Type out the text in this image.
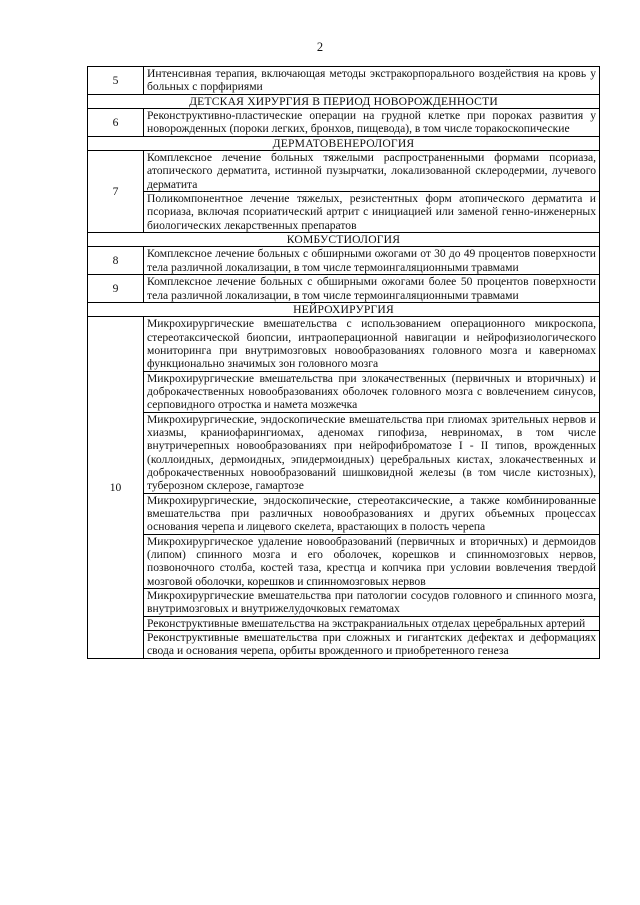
2
5	Интенсивная терапия, включающая методы экстракорпорального воздействия на кровь у больных с порфириями
ДЕТСКАЯ ХИРУРГИЯ В ПЕРИОД НОВОРОЖДЕННОСТИ	
6	Реконструктивно-пластические операции на грудной клетке при пороках развития у новорожденных (пороки легких, бронхов, пищевода), в том числе торакоскопические
ДЕРМАТОВЕНЕРОЛОГИЯ	
7	Комплексное лечение больных тяжелыми распространенными формами псориаза, атопического дерматита, истинной пузырчатки, локализованной склеродермии, лучевого дерматита
	Поликомпонентное лечение тяжелых, резистентных форм атопического дерматита и псориаза, включая псориатический артрит с инициацией или заменой генно-инженерных биологических лекарственных препаратов
КОМБУСТИОЛОГИЯ	
8	Комплексное лечение больных с обширными ожогами от 30 до 49 процентов поверхности тела различной локализации, в том числе термоингаляционными травмами
9	Комплексное лечение больных с обширными ожогами более 50 процентов поверхности тела различной локализации, в том числе термоингаляционными травмами
НЕЙРОХИРУРГИЯ	
10	Микрохирургические вмешательства с использованием операционного микроскопа, стереотаксической биопсии, интраоперационной навигации и нейрофизиологического мониторинга при внутримозговых новообразованиях головного мозга и каверномах функционально значимых зон головного мозга
	Микрохирургические вмешательства при злокачественных (первичных и вторичных) и доброкачественных новообразованиях оболочек головного мозга с вовлечением синусов, серповидного отростка и намета мозжечка
	Микрохирургические, эндоскопические вмешательства при глиомах зрительных нервов и хиазмы, краниофарингиомах, аденомах гипофиза, невриномах, в том числе внутричерепных новообразованиях при нейрофиброматозе I - II типов, врожденных (коллоидных, дермоидных, эпидермоидных) церебральных кистах, злокачественных и доброкачественных новообразований шишковидной железы (в том числе кистозных), туберозном склерозе, гамартозе
	Микрохирургические, эндоскопические, стереотаксические, а также комбинированные вмешательства при различных новообразованиях и других объемных процессах основания черепа и лицевого скелета, врастающих в полость черепа
	Микрохирургическое удаление новообразований (первичных и вторичных) и дермоидов (липом) спинного мозга и его оболочек, корешков и спинномозговых нервов, позвоночного столба, костей таза, крестца и копчика при условии вовлечения твердой мозговой оболочки, корешков и спинномозговых нервов
	Микрохирургические вмешательства при патологии сосудов головного и спинного мозга, внутримозговых и внутрижелудочковых гематомах
	Реконструктивные вмешательства на экстракраниальных отделах церебральных артерий
	Реконструктивные вмешательства при сложных и гигантских дефектах и деформациях свода и основания черепа, орбиты врожденного и приобретенного генеза
